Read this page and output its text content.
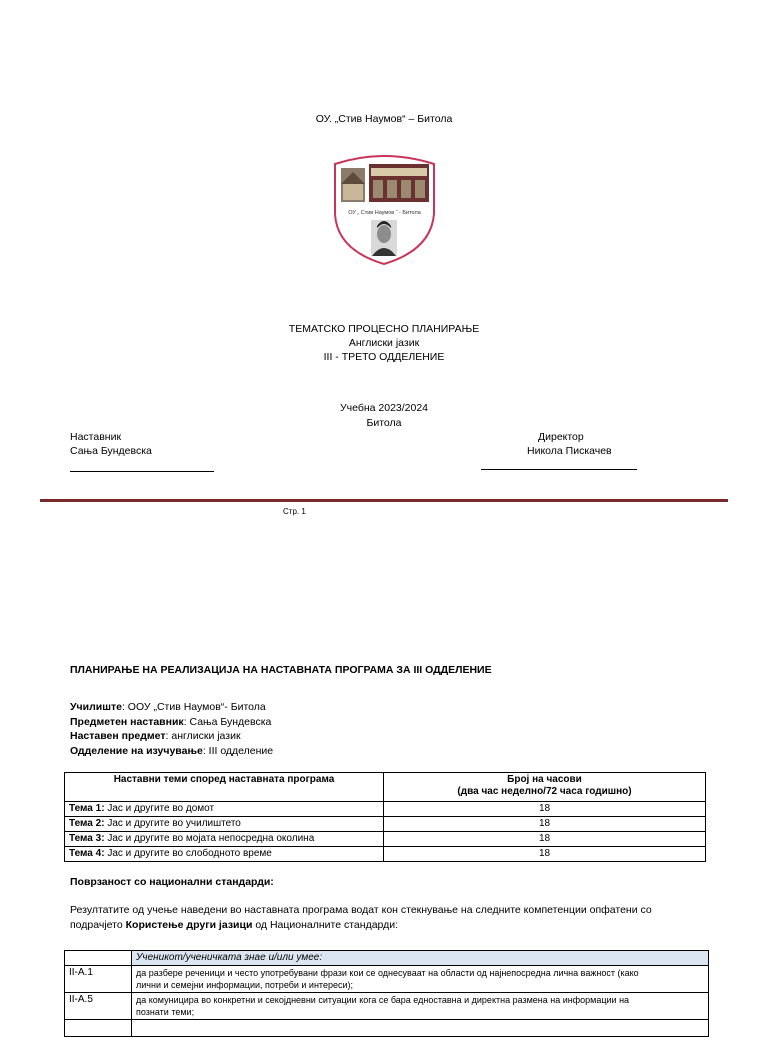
ОУ. „Стив Наумов“ – Битола
ОУ „ Стив Наумов “ - Битола
ТЕМАТСКО ПРОЦЕСНО ПЛАНИРАЊЕ
Англиски јазик
III - ТРЕТО ОДДЕЛЕНИЕ
Учебна 2023/2024
Битола
Наставник
Сања Бундевска
Директор
Никола Пискачев
Стр. 1
ПЛАНИРАЊЕ НА РЕАЛИЗАЦИЈА НА НАСТАВНАТА ПРОГРАМА ЗА III ОДДЕЛЕНИЕ
Училиште: ООУ „Стив Наумов“- Битола
Предметен наставник: Сања Бундевска
Наставен предмет: англиски јазик
Одделение на изучување: III одделение
Наставни теми според наставната програма	Број на часови
(два час неделно/72 часа годишно)

Тема 1: Јас и другите во домот	18
Тема 2: Јас и другите во училиштето	18
Тема 3: Јас и другите во мојата непосредна околина	18
Тема 4: Јас и другите во слободното време	18
Поврзаност со национални стандарди:
Резултатите од учење наведени во наставната програма водат кон стекнување на следните компетенции опфатени со
подрачјето Користење други јазици од Националните стандарди:
	Ученикот/ученичката знае и/или умее:
II-A.1	да разбере реченици и често употребувани фрази кои се однесуваат на области од најнепосредна лична важност (како
лични и семејни информации, потреби и интереси);

II-A.5	да комуницира во конкретни и секојдневни ситуации кога се бара едноставна и директна размена на информации на
познати теми;
